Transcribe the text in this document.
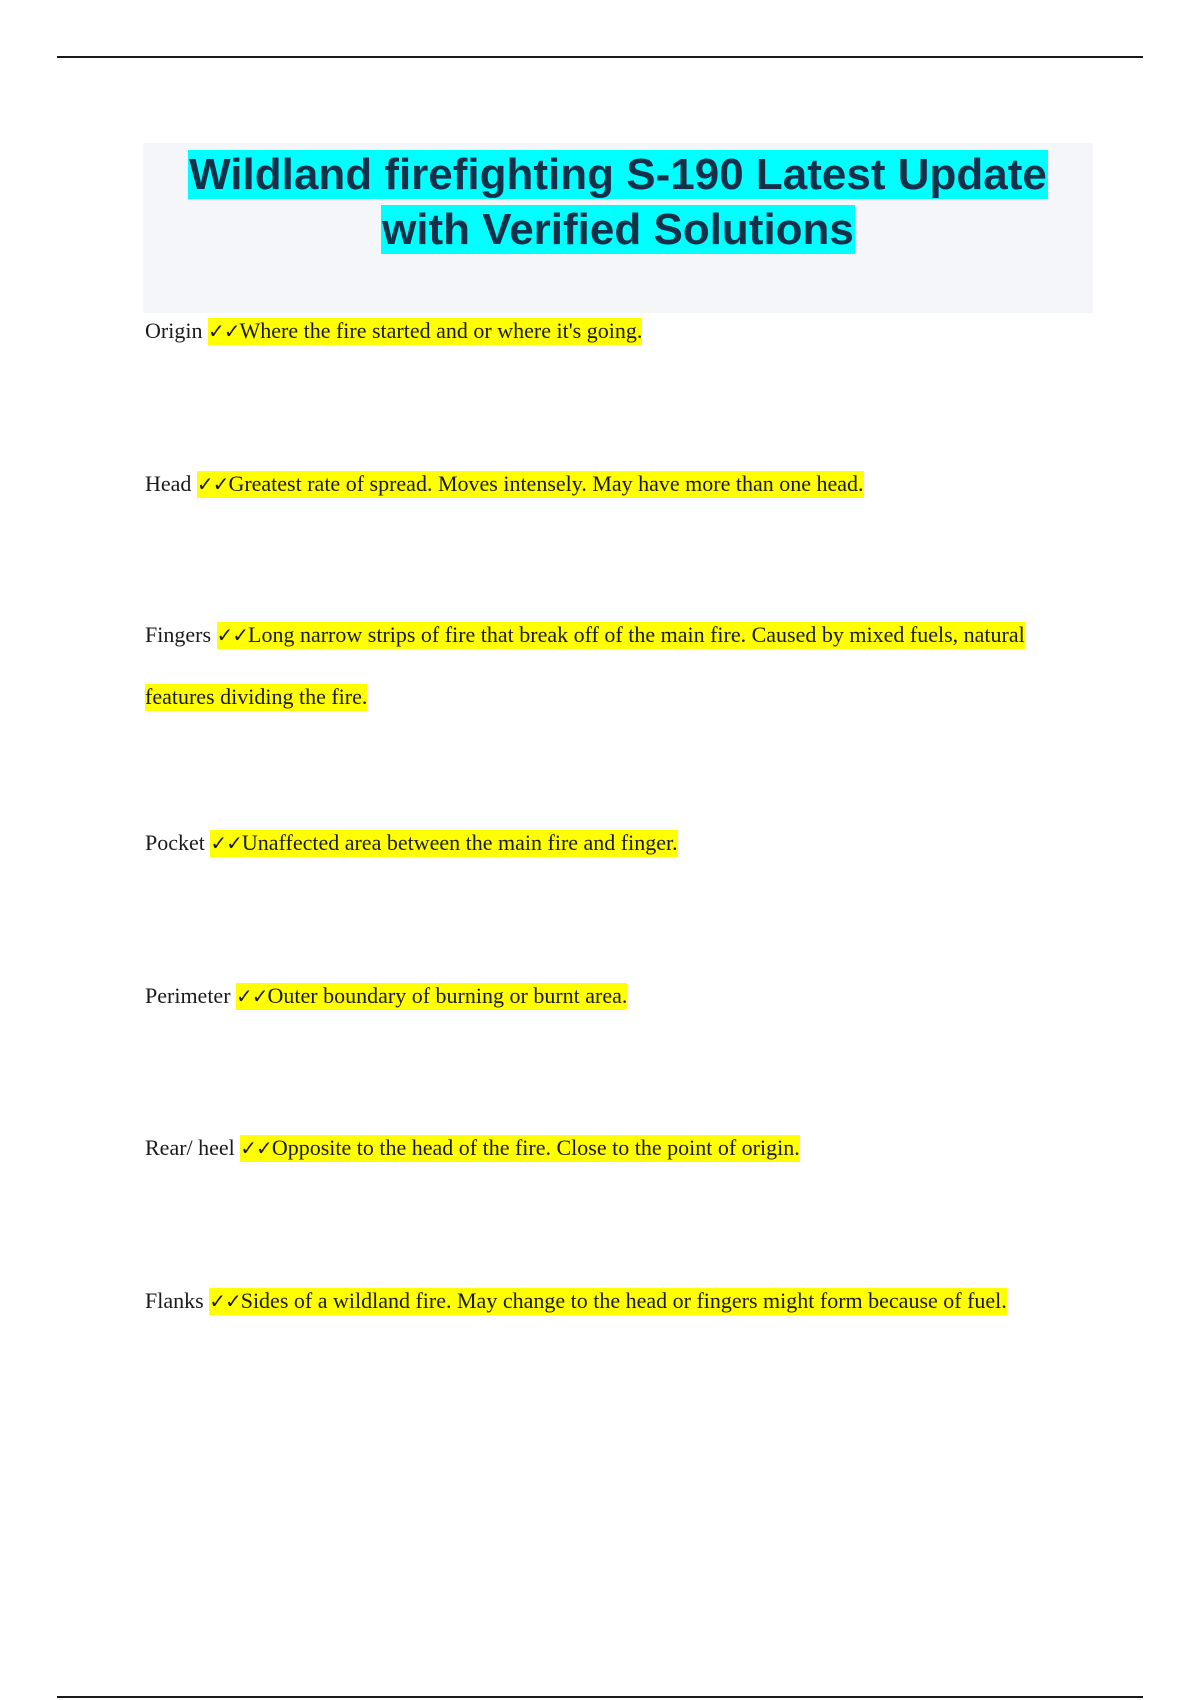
Wildland firefighting S-190 Latest Update
with Verified Solutions

Origin ✓✓Where the fire started and or where it's going.

Head ✓✓Greatest rate of spread. Moves intensely. May have more than one head.

Fingers ✓✓Long narrow strips of fire that break off of the main fire. Caused by mixed fuels, natural features dividing the fire.

Pocket ✓✓Unaffected area between the main fire and finger.

Perimeter ✓✓Outer boundary of burning or burnt area.

Rear/ heel ✓✓Opposite to the head of the fire. Close to the point of origin.

Flanks ✓✓Sides of a wildland fire. May change to the head or fingers might form because of fuel.
